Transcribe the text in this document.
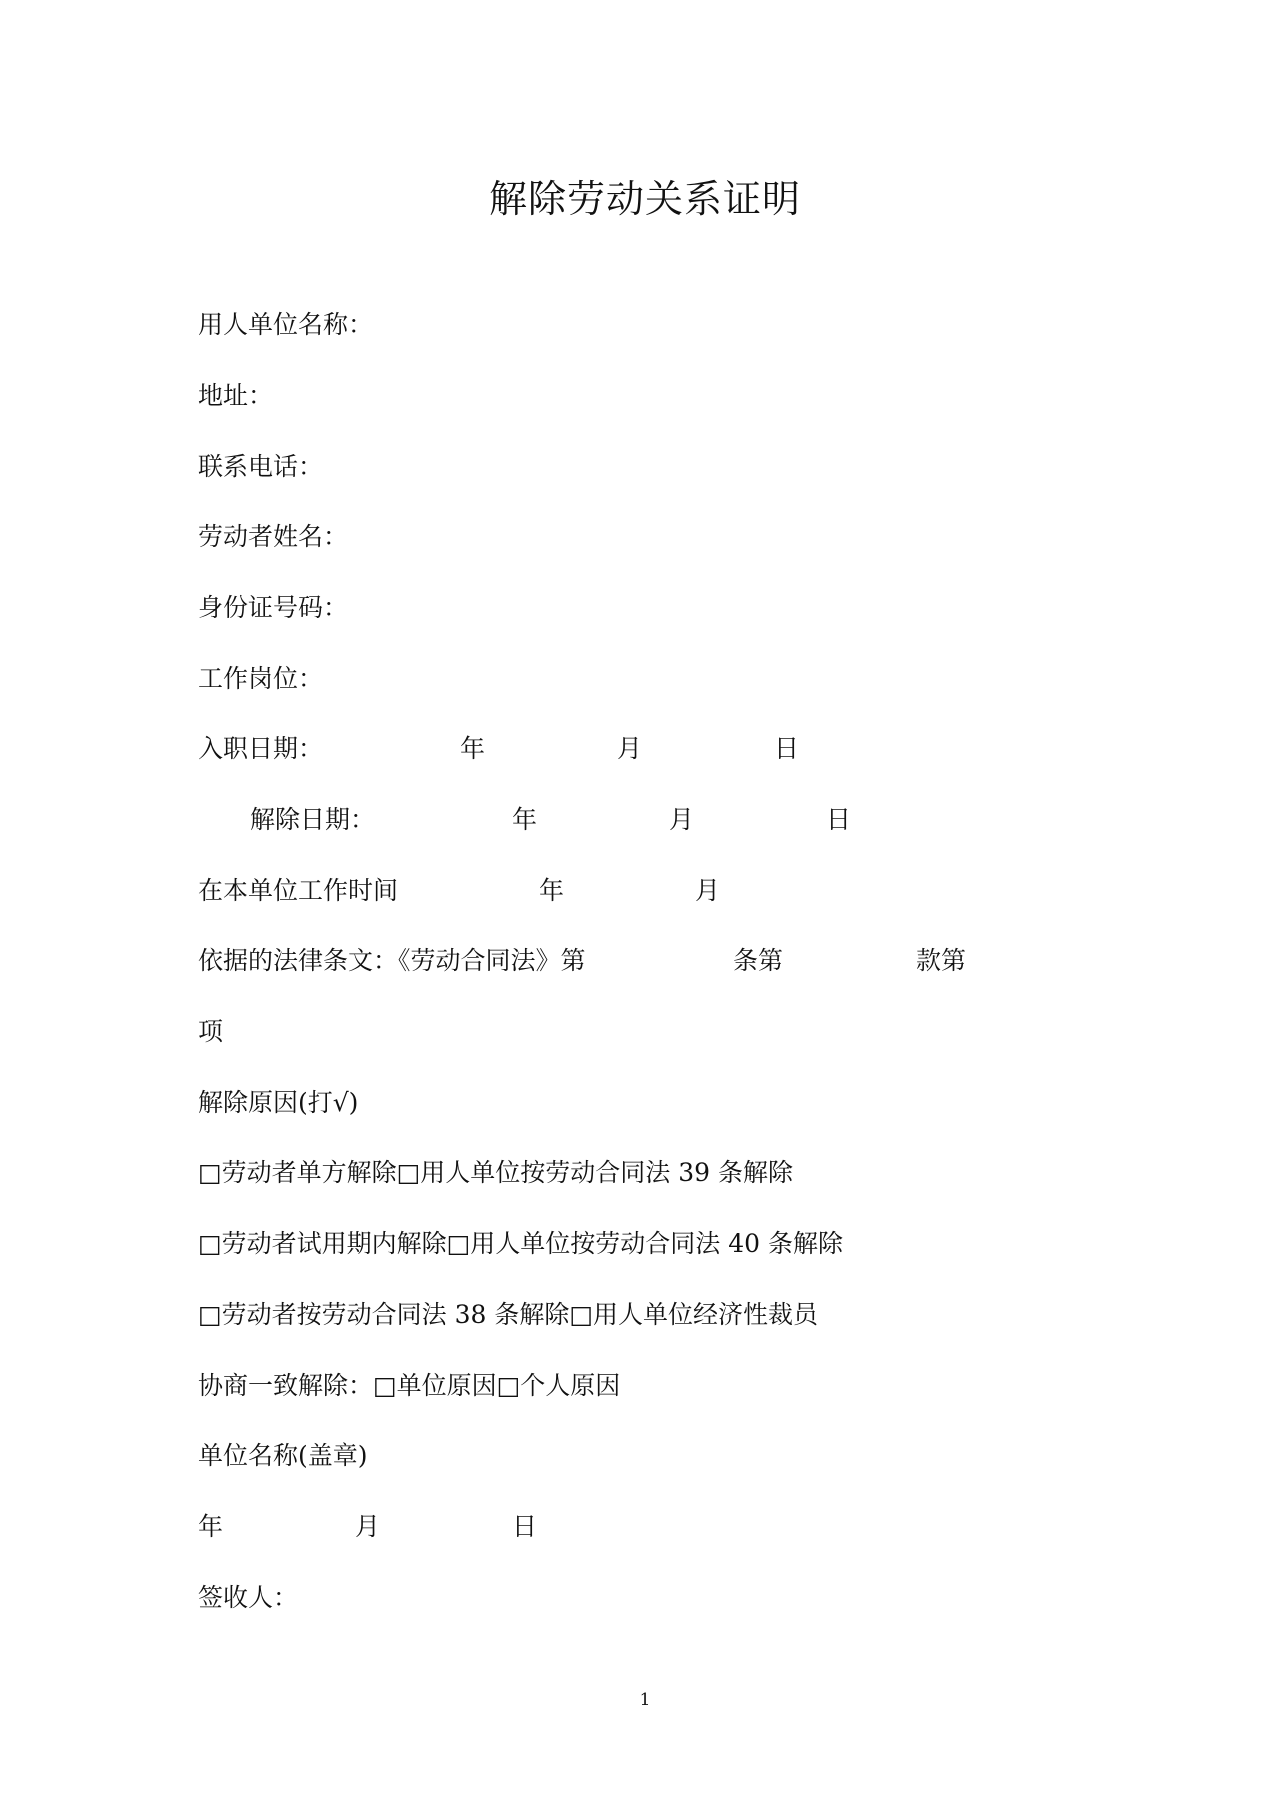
解除劳动关系证明
用人单位名称：
地址：
联系电话：
劳动者姓名：
身份证号码：
工作岗位：
入职日期：	年	月	日
解除日期：	年	月	日
在本单位工作时间	年	月
依据的法律条文：《劳动合同法》第	条第	款第
项
解除原因(打√)
□劳动者单方解除□用人单位按劳动合同法 39 条解除
□劳动者试用期内解除□用人单位按劳动合同法 40 条解除
□劳动者按劳动合同法 38 条解除□用人单位经济性裁员
协商一致解除：□单位原因□个人原因
单位名称(盖章)
年	月	日
签收人：
1
